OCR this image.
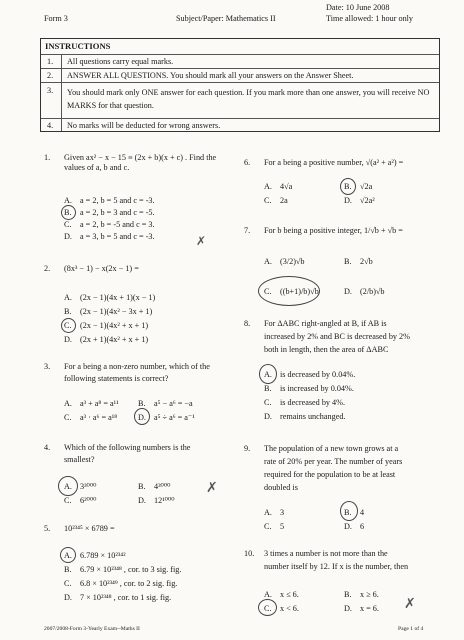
Form 3	Subject/Paper: Mathematics II
Date: 10 June 2008
Time allowed: 1 hour only
INSTRUCTIONS
1. All questions carry equal marks.
2. ANSWER ALL QUESTIONS. You should mark all your answers on the Answer Sheet.
3. You should mark only ONE answer for each question. If you mark more than one answer, you will receive NO MARKS for that question.
4. No marks will be deducted for wrong answers.
1. Given ax² − x − 15 ≡ (2x + b)(x + c) . Find the values of a, b and c.
A. a = 2, b = 5 and c = -3.
B. a = 2, b = 3 and c = -5.
C. a = 2, b = -5 and c = 3.
D. a = 3, b = 5 and c = -3.	✗
2. (8x³ − 1) − x(2x − 1) =
A. (2x − 1)(4x + 1)(x − 1)
B. (2x − 1)(4x² − 3x + 1)
C. (2x − 1)(4x² + x + 1)
D. (2x + 1)(4x² + x + 1)
3. For a being a non-zero number, which of the
following statements is correct?
A. a³ + a⁸ = a¹¹ B. a⁵ − a⁶ = −a
C. a³ · a⁶ = a¹⁸	D. a⁵ ÷ a⁶ = a⁻¹
4. Which of the following numbers is the
smallest?
A. 3³⁰⁰⁰	B. 4³⁰⁰⁰
C. 6²⁰⁰⁰	D. 12¹⁰⁰⁰
✗
5. 10²³⁴⁵ × 6789 =
A. 6.789 × 10²³⁴²
B. 6.79 × 10²³⁴⁸ , cor. to 3 sig. fig.
C. 6.8 × 10²³⁴⁹ , cor. to 2 sig. fig.
D. 7 × 10²³⁴⁸ , cor. to 1 sig. fig.
6. For a being a positive number, √(a² + a²) =
A. 4√a	B. √2a
C. 2a	D. √2a²
7. For b being a positive integer, 1/√b + √b =
A. (3/2)√b	B. 2√b
C. ((b+1)/b)√b	D. (2/b)√b
8. For ΔABC right-angled at B, if AB is
increased by 2% and BC is decreased by 2%
both in length, then the area of ΔABC
A. is decreased by 0.04%.
B. is increased by 0.04%.
C. is decreased by 4%.
D. remains unchanged.
9. The population of a new town grows at a
rate of 20% per year. The number of years
required for the population to be at least
doubled is
A. 3	B. 4
C. 5	D. 6
10. 3 times a number is not more than the
number itself by 12. If x is the number, then
A. x ≤ 6.	B. x ≥ 6.
C. x < 6.	D. x = 6. ✗
2007/2008-Form 3-Yearly Exam--Maths II	Page 1 of 4
